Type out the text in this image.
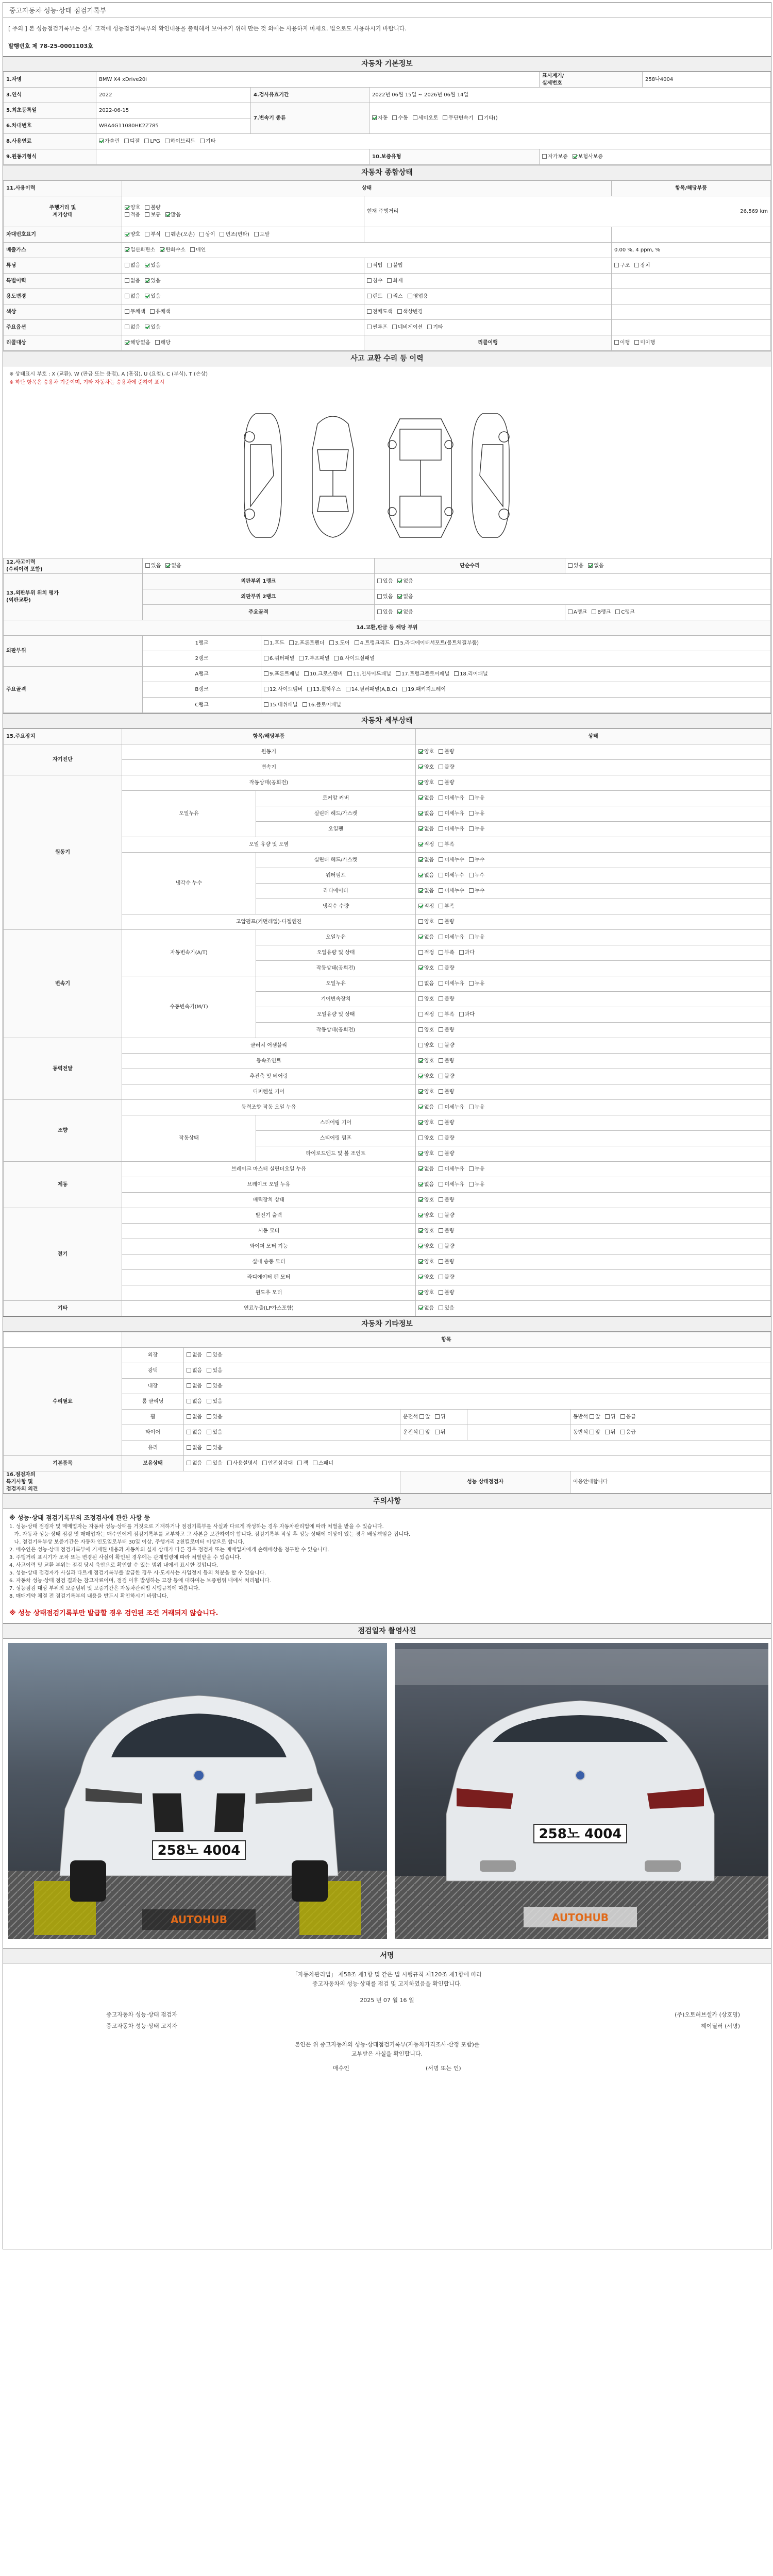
중고자동차 성능·상태 점검기록부
[ 주의 ] 본 성능점검기록부는 실제 고객에 성능점검기록부의 확인내용을 출력해서 보여주기 위해 만든 것 외에는 사용하지 마세요. 법으로도 사용하시기 바랍니다.
발행번호 제 78-25-0001103호
자동차 기본정보
1.차명	BMW X4 xDrive20i			표시계기/
실제번호	258나4004
3.연식	2022	4.검사유효기간	2022년 06월 15일 ~ 2026년 06월 14일		
5.최초등록일	2022-06-15	7.변속기 종류	자동 수동 세미오토 무단변속기 기타()		
6.차대번호	WBA4G11080HK2Z785				
8.사용연료	가솔린 디젤 LPG 하이브리드 기타				
9.원동기형식			10.보증유형	자가보증 보험사보증	
자동차 종합상태
11.사용이력	상태		항목/해당부품
주행거리 및
계기상태	양호 불량
적음 보통 많음	현재 주행거리 26,569 km	

차대번호표기	양호 부식 훼손(오손) 상이 변조(변타) 도말		
배출가스	일산화탄소 탄화수소 매연		0.00 %, 4 ppm, %
튜닝	없음 있음	적법 불법	구조 장치
특별이력	없음 있음	침수 화재	
용도변경	없음 있음	렌트 리스 영업용	
색상	무채색 유채색	전체도색 색상변경	
주요옵션	없음 있음	썬루프 네비게이션 기타	
리콜대상	해당없음 해당	리콜이행	이행 미이행
사고 교환 수리 등 이력
※ 상태표시 부호 : X (교환), W (판금 또는 용접), A (흠집), U (요철), C (부식), T (손상)
※ 하단 항목은 승용차 기준이며, 기타 자동차는 승용차에 준하여 표시
12.사고이력
(수리이력 포함)	있음 없음		단순수리	있음 없음
13.외판부위 위치 평가
(외판교환)	외판부위 1랭크		있음 없음	
	외판부위 2랭크		있음 없음	
	주요골격		있음 없음	A랭크 B랭크 C랭크
14.교환,판금 등 해당 부위				
외판부위	1랭크	1.후드 2.프론트펜더 3.도어 4.트렁크리드 5.라디에이터서포트(볼트체결부품)		
	2랭크	6.쿼터패널 7.루프패널 8.사이드실패널		
주요골격	A랭크	9.프론트패널 10.크로스멤버 11.인사이드패널 17.트렁크플로어패널 18.리어패널		
	B랭크	12.사이드멤버 13.휠하우스 14.필러패널(A,B,C) 19.패키지트레이		
	C랭크	15.대쉬패널 16.플로어패널		
자동차 세부상태
15.주요장치	항목/해당부품		상태
자기진단	원동기		양호 불량
	변속기		양호 불량
원동기	작동상태(공회전)		양호 불량
	오일누유	로커암 커버	없음 미세누유 누유
		실린더 헤드/가스켓	없음 미세누유 누유
		오일팬	없음 미세누유 누유
	오일 유량 및 오염		적정 부족
	냉각수 누수	실린더 헤드/가스켓	없음 미세누수 누수
		워터펌프	없음 미세누수 누수
		라디에이터	없음 미세누수 누수
		냉각수 수량	적정 부족
	고압펌프(커먼레일)-디젤엔진		양호 불량
변속기	자동변속기(A/T)	오일누유	없음 미세누유 누유
		오일유량 및 상태	적정 부족 과다
		작동상태(공회전)	양호 불량
	수동변속기(M/T)	오일누유	없음 미세누유 누유
		기어변속장치	양호 불량
		오일유량 및 상태	적정 부족 과다
		작동상태(공회전)	양호 불량
동력전달	클러치 어셈블리		양호 불량
	등속조인트		양호 불량
	추진축 및 베어링		양호 불량
	디퍼렌셜 기어		양호 불량
조향	동력조향 작동 오일 누유		없음 미세누유 누유
	작동상태	스티어링 기어	양호 불량
		스티어링 펌프	양호 불량
		타이로드엔드 및 볼 조인트	양호 불량
제동	브레이크 마스터 실린더오일 누유		없음 미세누유 누유
	브레이크 오일 누유		없음 미세누유 누유
	배력장치 상태		양호 불량
전기	발전기 출력		양호 불량
	시동 모터		양호 불량
	와이퍼 모터 기능		양호 불량
	실내 송풍 모터		양호 불량
	라디에이터 팬 모터		양호 불량
	윈도우 모터		양호 불량
기타	연료누출(LP가스포함)		없음 있음
자동차 기타정보
	항목				
수리필요	외장	없음 있음			
	광택	없음 있음			
	내장	없음 있음			
	룸 클리닝	없음 있음			
	휠	없음 있음	운전석 앞 뒤		동반석 앞 뒤 응급
	타이어	없음 있음	운전석 앞 뒤		동반석 앞 뒤 응급
	유리	없음 있음			
기본품목	보유상태	없음 있음 사용설명서 안전삼각대 잭 스패너			
16.점검자의
특기사항 및
점검자의 의견			성능 상태점검자		이용안내합니다
주의사항
※ 성능·상태 점검기록부의 조정검사에 관한 사항 등
1. 성능·상태 점검자 및 매매업자는 자동차 성능·상태를 거짓으로 기재하거나 점검기록부를 사실과 다르게 작성하는 경우 자동차관리법에 따라 처벌을 받을 수 있습니다.
가. 자동차 성능·상태 점검 및 매매업자는 매수인에게 점검기록부를 교부하고 그 사본을 보관하여야 합니다. 점검기록부 작성 후 성능·상태에 이상이 있는 경우 배상책임을 집니다.
나. 점검기록부상 보증기간은 자동차 인도일로부터 30일 이상, 주행거리 2천킬로미터 이상으로 합니다.
2. 매수인은 성능·상태 점검기록부에 기재된 내용과 자동차의 실제 상태가 다른 경우 점검자 또는 매매업자에게 손해배상을 청구할 수 있습니다.
3. 주행거리 표시기가 조작 또는 변경된 사실이 확인된 경우에는 관계법령에 따라 처벌받을 수 있습니다.
4. 사고이력 및 교환 부위는 점검 당시 육안으로 확인할 수 있는 범위 내에서 표시한 것입니다.
5. 성능·상태 점검자가 사실과 다르게 점검기록부를 발급한 경우 시·도지사는 사업정지 등의 처분을 할 수 있습니다.
6. 자동차 성능·상태 점검 결과는 참고자료이며, 점검 이후 발생하는 고장 등에 대하여는 보증범위 내에서 처리됩니다.
7. 성능점검 대상 부위의 보증범위 및 보증기간은 자동차관리법 시행규칙에 따릅니다.
8. 매매계약 체결 전 점검기록부의 내용을 반드시 확인하시기 바랍니다.
※ 성능 상태점검기록부만 발급할 경우 검인된 조건 거래되지 않습니다.
점검일자 촬영사진
258노 4004
AUTOHUB
258노 4004
AUTOHUB
서명
「자동차관리법」 제58조 제1항 및 같은 법 시행규칙 제120조 제1항에 따라
중고자동차의 성능·상태를 점검 및 고지하였음을 확인합니다.
2025 년 07 월 16 일
중고자동차 성능·상태 점검자	(주)오토허브셀카 (상호명)
중고자동차 성능·상태 고지자	헤이딜러 (서명)
본인은 위 중고자동차의 성능·상태점검기록부(자동차가격조사·산정 포함)를
교부받은 사실을 확인합니다.
매수인	(서명 또는 인)
